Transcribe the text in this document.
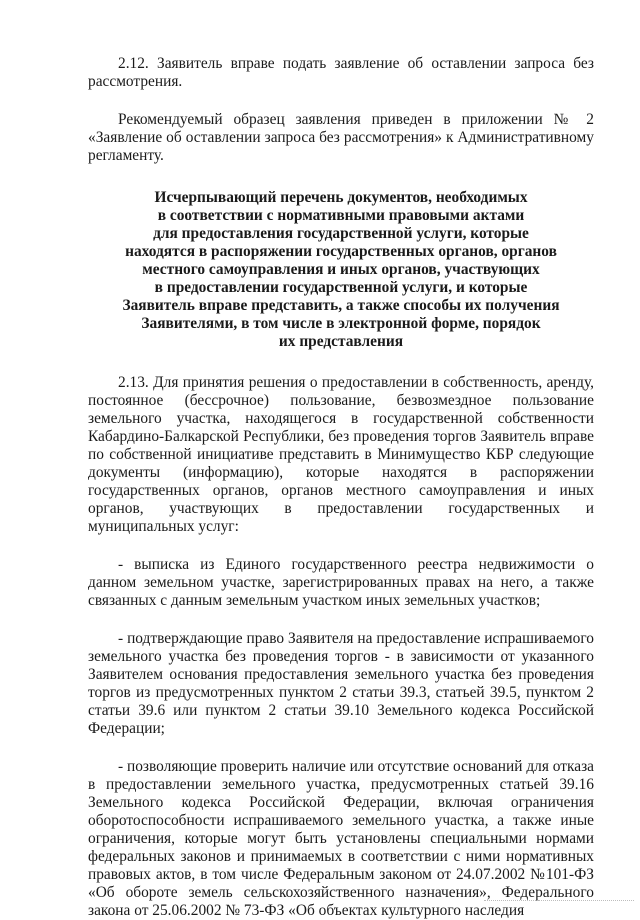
2.12. Заявитель вправе подать заявление об оставлении запроса без рассмотрения.

Рекомендуемый образец заявления приведен в приложении № 2 «Заявление об оставлении запроса без рассмотрения» к Административному регламенту.

Исчерпывающий перечень документов, необходимых
в соответствии с нормативными правовыми актами
для предоставления государственной услуги, которые
находятся в распоряжении государственных органов, органов
местного самоуправления и иных органов, участвующих
в предоставлении государственной услуги, и которые
Заявитель вправе представить, а также способы их получения
Заявителями, в том числе в электронной форме, порядок
их представления

2.13. Для принятия решения о предоставлении в собственность, аренду, постоянное (бессрочное) пользование, безвозмездное пользование земельного участка, находящегося в государственной собственности Кабардино-Балкарской Республики, без проведения торгов Заявитель вправе по собственной инициативе представить в Минимущество КБР следующие документы (информацию), которые находятся в распоряжении государственных органов, органов местного самоуправления и иных органов, участвующих в предоставлении государственных и муниципальных услуг:

- выписка из Единого государственного реестра недвижимости о данном земельном участке, зарегистрированных правах на него, а также связанных с данным земельным участком иных земельных участков;

- подтверждающие право Заявителя на предоставление испрашиваемого земельного участка без проведения торгов - в зависимости от указанного Заявителем основания предоставления земельного участка без проведения торгов из предусмотренных пунктом 2 статьи 39.3, статьей 39.5, пунктом 2 статьи 39.6 или пунктом 2 статьи 39.10 Земельного кодекса Российской Федерации;

- позволяющие проверить наличие или отсутствие оснований для отказа в предоставлении земельного участка, предусмотренных статьей 39.16 Земельного кодекса Российской Федерации, включая ограничения оборотоспособности испрашиваемого земельного участка, а также иные ограничения, которые могут быть установлены специальными нормами федеральных законов и принимаемых в соответствии с ними нормативных правовых актов, в том числе Федеральным законом от 24.07.2002 №101-ФЗ «Об обороте земель сельскохозяйственного назначения», Федерального закона от 25.06.2002 № 73-ФЗ «Об объектах культурного наследия
